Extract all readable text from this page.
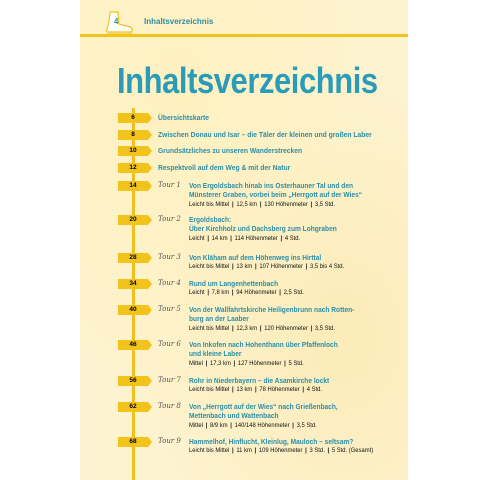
4	Inhaltsverzeichnis
Inhaltsverzeichnis
6	Übersichtskarte
8	Zwischen Donau und Isar – die Täler der kleinen und großen Laber
10	Grundsätzliches zu unseren Wanderstrecken
12	Respektvoll auf dem Weg & mit der Natur
14	Tour 1 Von Ergoldsbach hinab ins Osterhauner Tal und den
Münsterer Graben, vorbei beim „Herrgott auf der Wies“
Leicht bis Mittel | 12,5 km | 130 Höhenmeter | 3,5 Std.
20	Tour 2 Ergoldsbach:
Über Kirchholz und Dachsberg zum Lohgraben
Leicht | 14 km | 114 Höhenmeter | 4 Std.
28	Tour 3 Von Kläham auf dem Höhenweg ins Hirttal
Leicht bis Mittel | 13 km | 107 Höhenmeter | 3,5 bis 4 Std.
34	Tour 4 Rund um Langenhettenbach
Leicht | 7,8 km | 94 Höhenmeter | 2,5 Std.
40	Tour 5 Von der Wallfahrtskirche Heiligenbrunn nach Rotten-
burg an der Laaber
Leicht bis Mittel | 12,3 km | 120 Höhenmeter | 3,5 Std.
46	Tour 6 Von Inkofen nach Hohenthann über Pfaffenloch
und kleine Laber
Mittel | 17,3 km | 127 Höhenmeter | 5 Std.
56	Tour 7 Rohr in Niederbayern – die Asamkirche lockt
Leicht bis Mittel | 13 km | 78 Höhenmeter | 4 Std.
62	Tour 8 Von „Herrgott auf der Wies“ nach Grießenbach,
Mettenbach und Wattenbach
Mittel | 8/9 km | 140/148 Höhenmeter | 3,5 Std.
68	Tour 9 Hammelhof, Hinflucht, Kleinlug, Mauloch – seltsam?
Leicht bis Mittel | 11 km | 109 Höhenmeter | 3 Std. | 5 Std. (Gesamt)
